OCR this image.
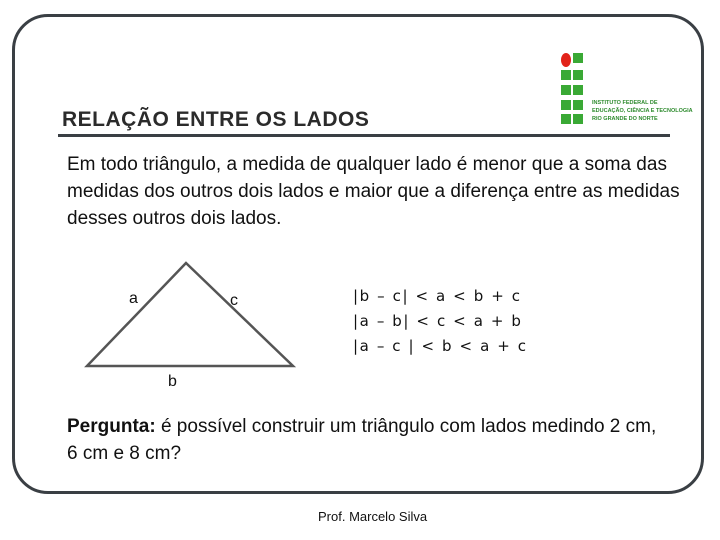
RELAÇÃO ENTRE OS LADOS
INSTITUTO FEDERAL DE
EDUCAÇÃO, CIÊNCIA E TECNOLOGIA
RIO GRANDE DO NORTE
Em todo triângulo, a medida de qualquer lado é menor que a soma das medidas dos outros dois lados e maior que a diferença entre as medidas desses outros dois lados.
a	c
b
|b – c| < a < b + c
|a – b| < c < a + b
|a – c | < b < a + c
Pergunta: é possível construir um triângulo com lados medindo 2 cm, 6 cm e 8 cm?
Prof. Marcelo Silva
